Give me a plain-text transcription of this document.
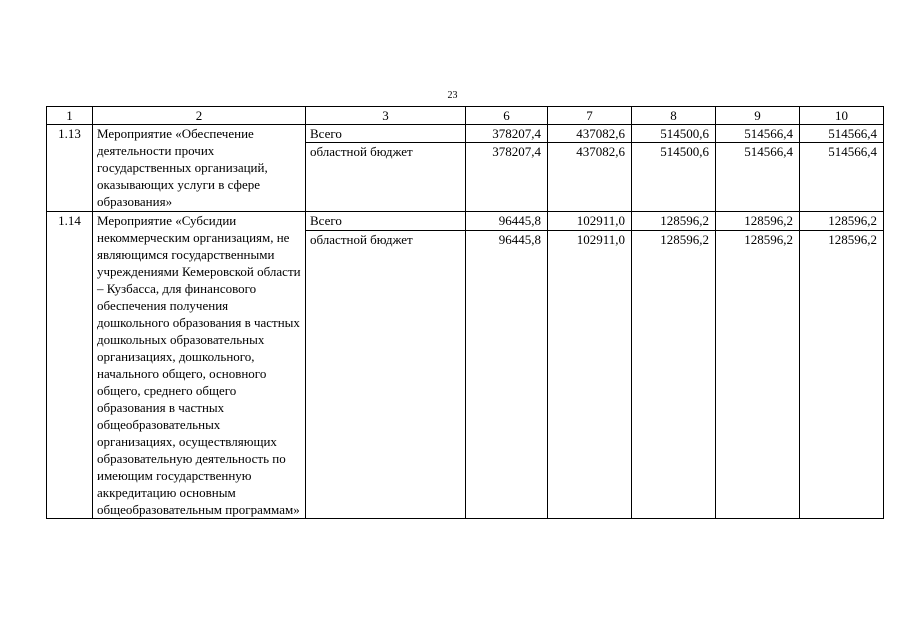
23
1	2	3	6	7	8	9	10
1.13	Мероприятие «Обеспечение деятельности прочих государственных организаций, оказывающих услуги в сфере образования»	Всего	378207,4	437082,6	514500,6	514566,4	514566,4
		областной бюджет	378207,4	437082,6	514500,6	514566,4	514566,4
1.14	Мероприятие «Субсидии некоммерческим организациям, не являющимся государственными учреждениями Кемеровской области – Кузбасса, для финансового обеспечения получения дошкольного образования в частных дошкольных образовательных организациях, дошкольного, начального общего, основного общего, среднего общего образования в частных общеобразовательных организациях, осуществляющих образовательную деятельность по имеющим государственную аккредитацию основным общеобразовательным программам»	Всего	96445,8	102911,0	128596,2	128596,2	128596,2
		областной бюджет	96445,8	102911,0	128596,2	128596,2	128596,2
